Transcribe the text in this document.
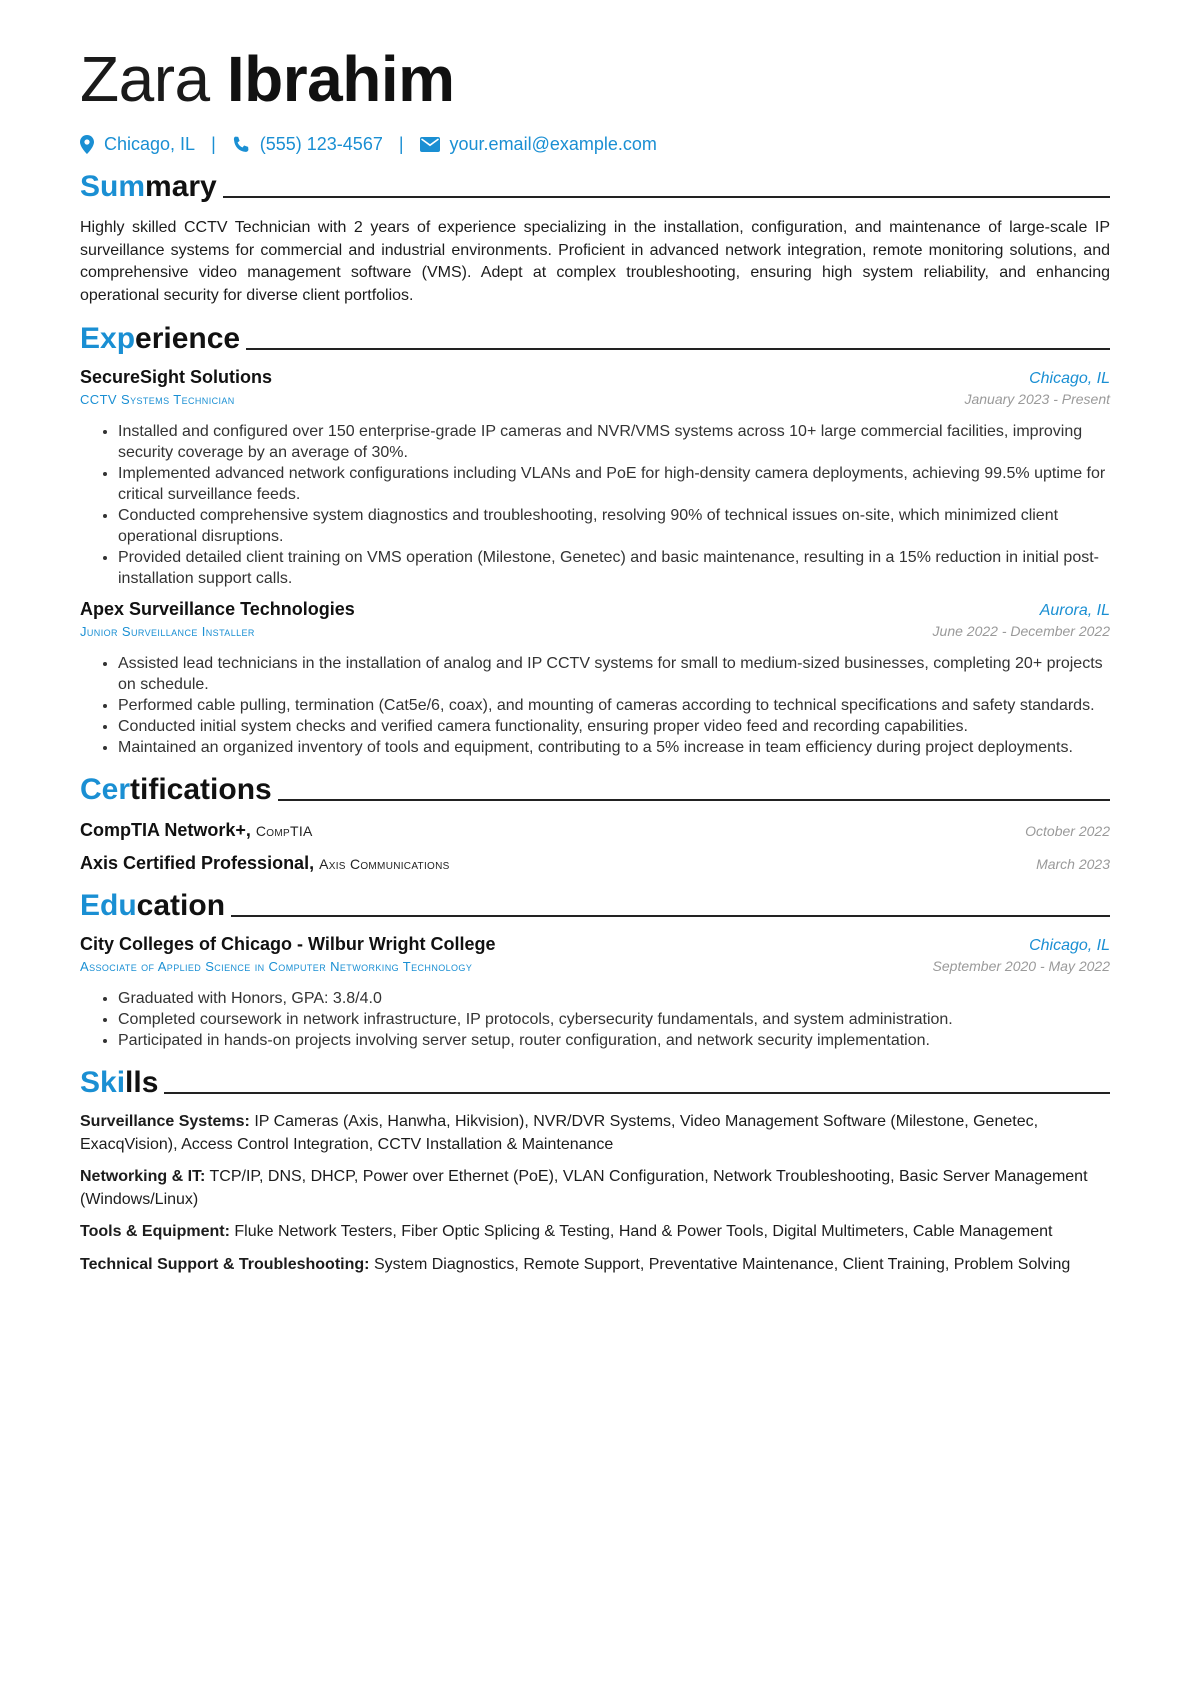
Zara Ibrahim
Chicago, IL | (555) 123-4567 |	your.email@example.com
Summary
Highly skilled CCTV Technician with 2 years of experience specializing in the installation, configuration, and maintenance of large-scale IP surveillance systems for commercial and industrial environments. Proficient in advanced network integration, remote monitoring solutions, and comprehensive video management software (VMS). Adept at complex troubleshooting, ensuring high system reliability, and enhancing operational security for diverse client portfolios.
Experience
SecureSight Solutions	Chicago, IL
CCTV Systems Technician	January 2023 - Present
• Installed and configured over 150 enterprise-grade IP cameras and NVR/VMS systems across 10+ large commercial facilities, improving security coverage by an average of 30%.
• Implemented advanced network configurations including VLANs and PoE for high-density camera deployments, achieving 99.5% uptime for critical surveillance feeds.
• Conducted comprehensive system diagnostics and troubleshooting, resolving 90% of technical issues on-site, which minimized client operational disruptions.
• Provided detailed client training on VMS operation (Milestone, Genetec) and basic maintenance, resulting in a 15% reduction in initial post-installation support calls.
Apex Surveillance Technologies	Aurora, IL
Junior Surveillance Installer	June 2022 - December 2022
• Assisted lead technicians in the installation of analog and IP CCTV systems for small to medium-sized businesses, completing 20+ projects on schedule.
• Performed cable pulling, termination (Cat5e/6, coax), and mounting of cameras according to technical specifications and safety standards.
• Conducted initial system checks and verified camera functionality, ensuring proper video feed and recording capabilities.
• Maintained an organized inventory of tools and equipment, contributing to a 5% increase in team efficiency during project deployments.
Certifications
CompTIA Network+, CompTIA	October 2022
Axis Certified Professional, Axis Communications	March 2023
Education
City Colleges of Chicago - Wilbur Wright College	Chicago, IL
Associate of Applied Science in Computer Networking Technology	September 2020 - May 2022
• Graduated with Honors, GPA: 3.8/4.0
• Completed coursework in network infrastructure, IP protocols, cybersecurity fundamentals, and system administration.
• Participated in hands-on projects involving server setup, router configuration, and network security implementation.
Skills
Surveillance Systems: IP Cameras (Axis, Hanwha, Hikvision), NVR/DVR Systems, Video Management Software (Milestone, Genetec, ExacqVision), Access Control Integration, CCTV Installation & Maintenance
Networking & IT: TCP/IP, DNS, DHCP, Power over Ethernet (PoE), VLAN Configuration, Network Troubleshooting, Basic Server Management (Windows/Linux)
Tools & Equipment: Fluke Network Testers, Fiber Optic Splicing & Testing, Hand & Power Tools, Digital Multimeters, Cable Management
Technical Support & Troubleshooting: System Diagnostics, Remote Support, Preventative Maintenance, Client Training, Problem Solving
